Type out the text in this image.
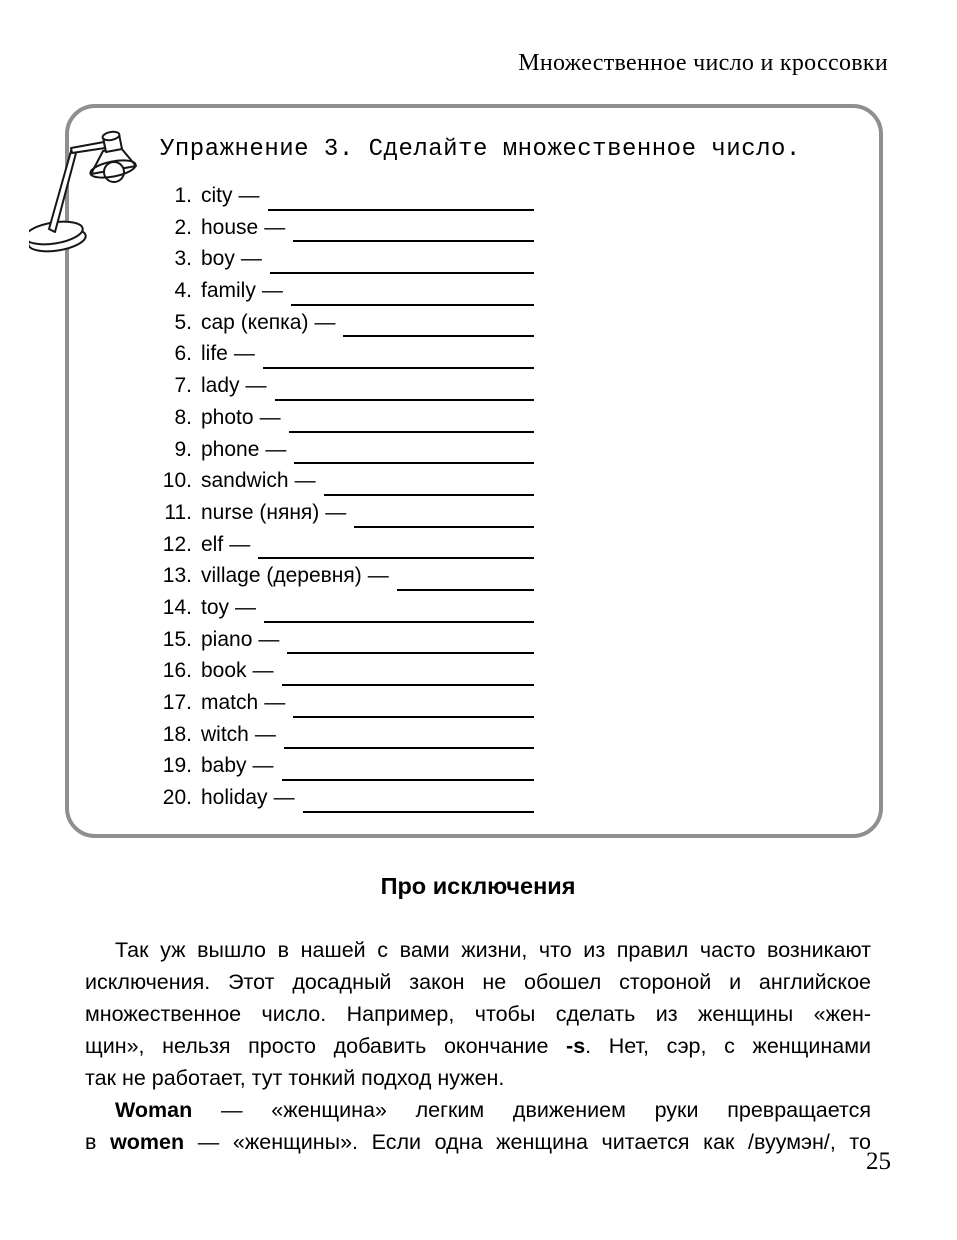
Множественное число и кроссовки
Упражнение 3. Сделайте множественное число.
1. city —
2. house —
3. boy —
4. family —
5. cap (кепка) —
6. life —
7. lady —
8. photo —
9. phone —
10. sandwich —
11. nurse (няня) —
12. elf —
13. village (деревня) —
14. toy —
15. piano —
16. book —
17. match —
18. witch —
19. baby —
20. holiday —
Про исключения
Так уж вышло в нашей с вами жизни, что из правил часто возникают
исключения. Этот досадный закон не обошел стороной и английское
множественное число. Например, чтобы сделать из женщины «жен-
щин», нельзя просто добавить окончание -s. Нет, сэр, с женщинами
так не работает, тут тонкий подход нужен.
Woman — «женщина» легким движением руки превращается
в women — «женщины». Если одна женщина читается как /вуумэн/, то
25
